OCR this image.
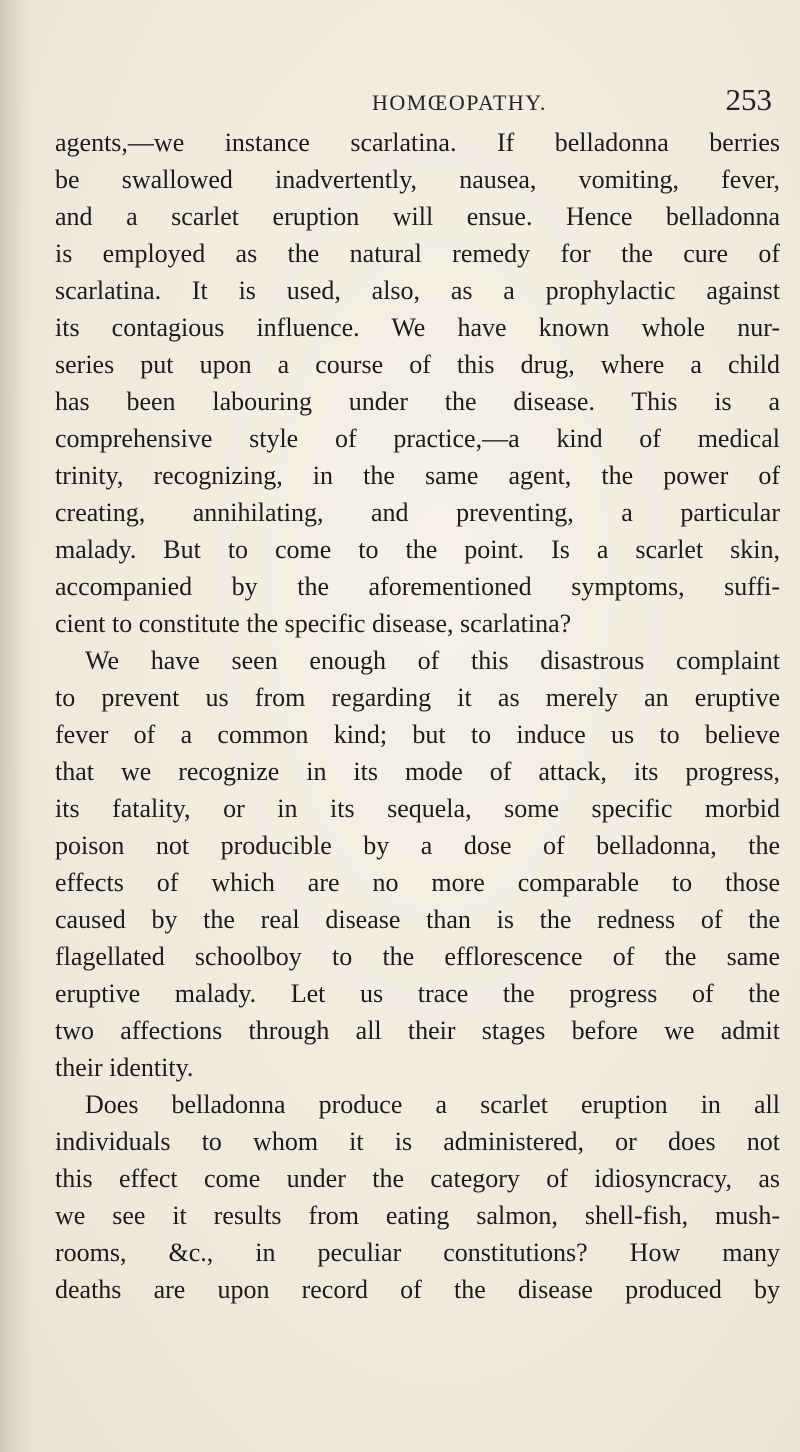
HOMŒOPATHY.	253
agents,—we instance scarlatina. If belladonna berries
be swallowed inadvertently, nausea, vomiting, fever,
and a scarlet eruption will ensue. Hence belladonna
is employed as the natural remedy for the cure of
scarlatina. It is used, also, as a prophylactic against
its contagious influence. We have known whole nur-
series put upon a course of this drug, where a child
has been labouring under the disease. This is a
comprehensive style of practice,—a kind of medical
trinity, recognizing, in the same agent, the power of
creating, annihilating, and preventing, a particular
malady. But to come to the point. Is a scarlet skin,
accompanied by the aforementioned symptoms, suffi-
cient to constitute the specific disease, scarlatina?
We have seen enough of this disastrous complaint
to prevent us from regarding it as merely an eruptive
fever of a common kind; but to induce us to believe
that we recognize in its mode of attack, its progress,
its fatality, or in its sequela, some specific morbid
poison not producible by a dose of belladonna, the
effects of which are no more comparable to those
caused by the real disease than is the redness of the
flagellated schoolboy to the efflorescence of the same
eruptive malady. Let us trace the progress of the
two affections through all their stages before we admit
their identity.
Does belladonna produce a scarlet eruption in all
individuals to whom it is administered, or does not
this effect come under the category of idiosyncracy, as
we see it results from eating salmon, shell-fish, mush-
rooms, &c., in peculiar constitutions? How many
deaths are upon record of the disease produced by
